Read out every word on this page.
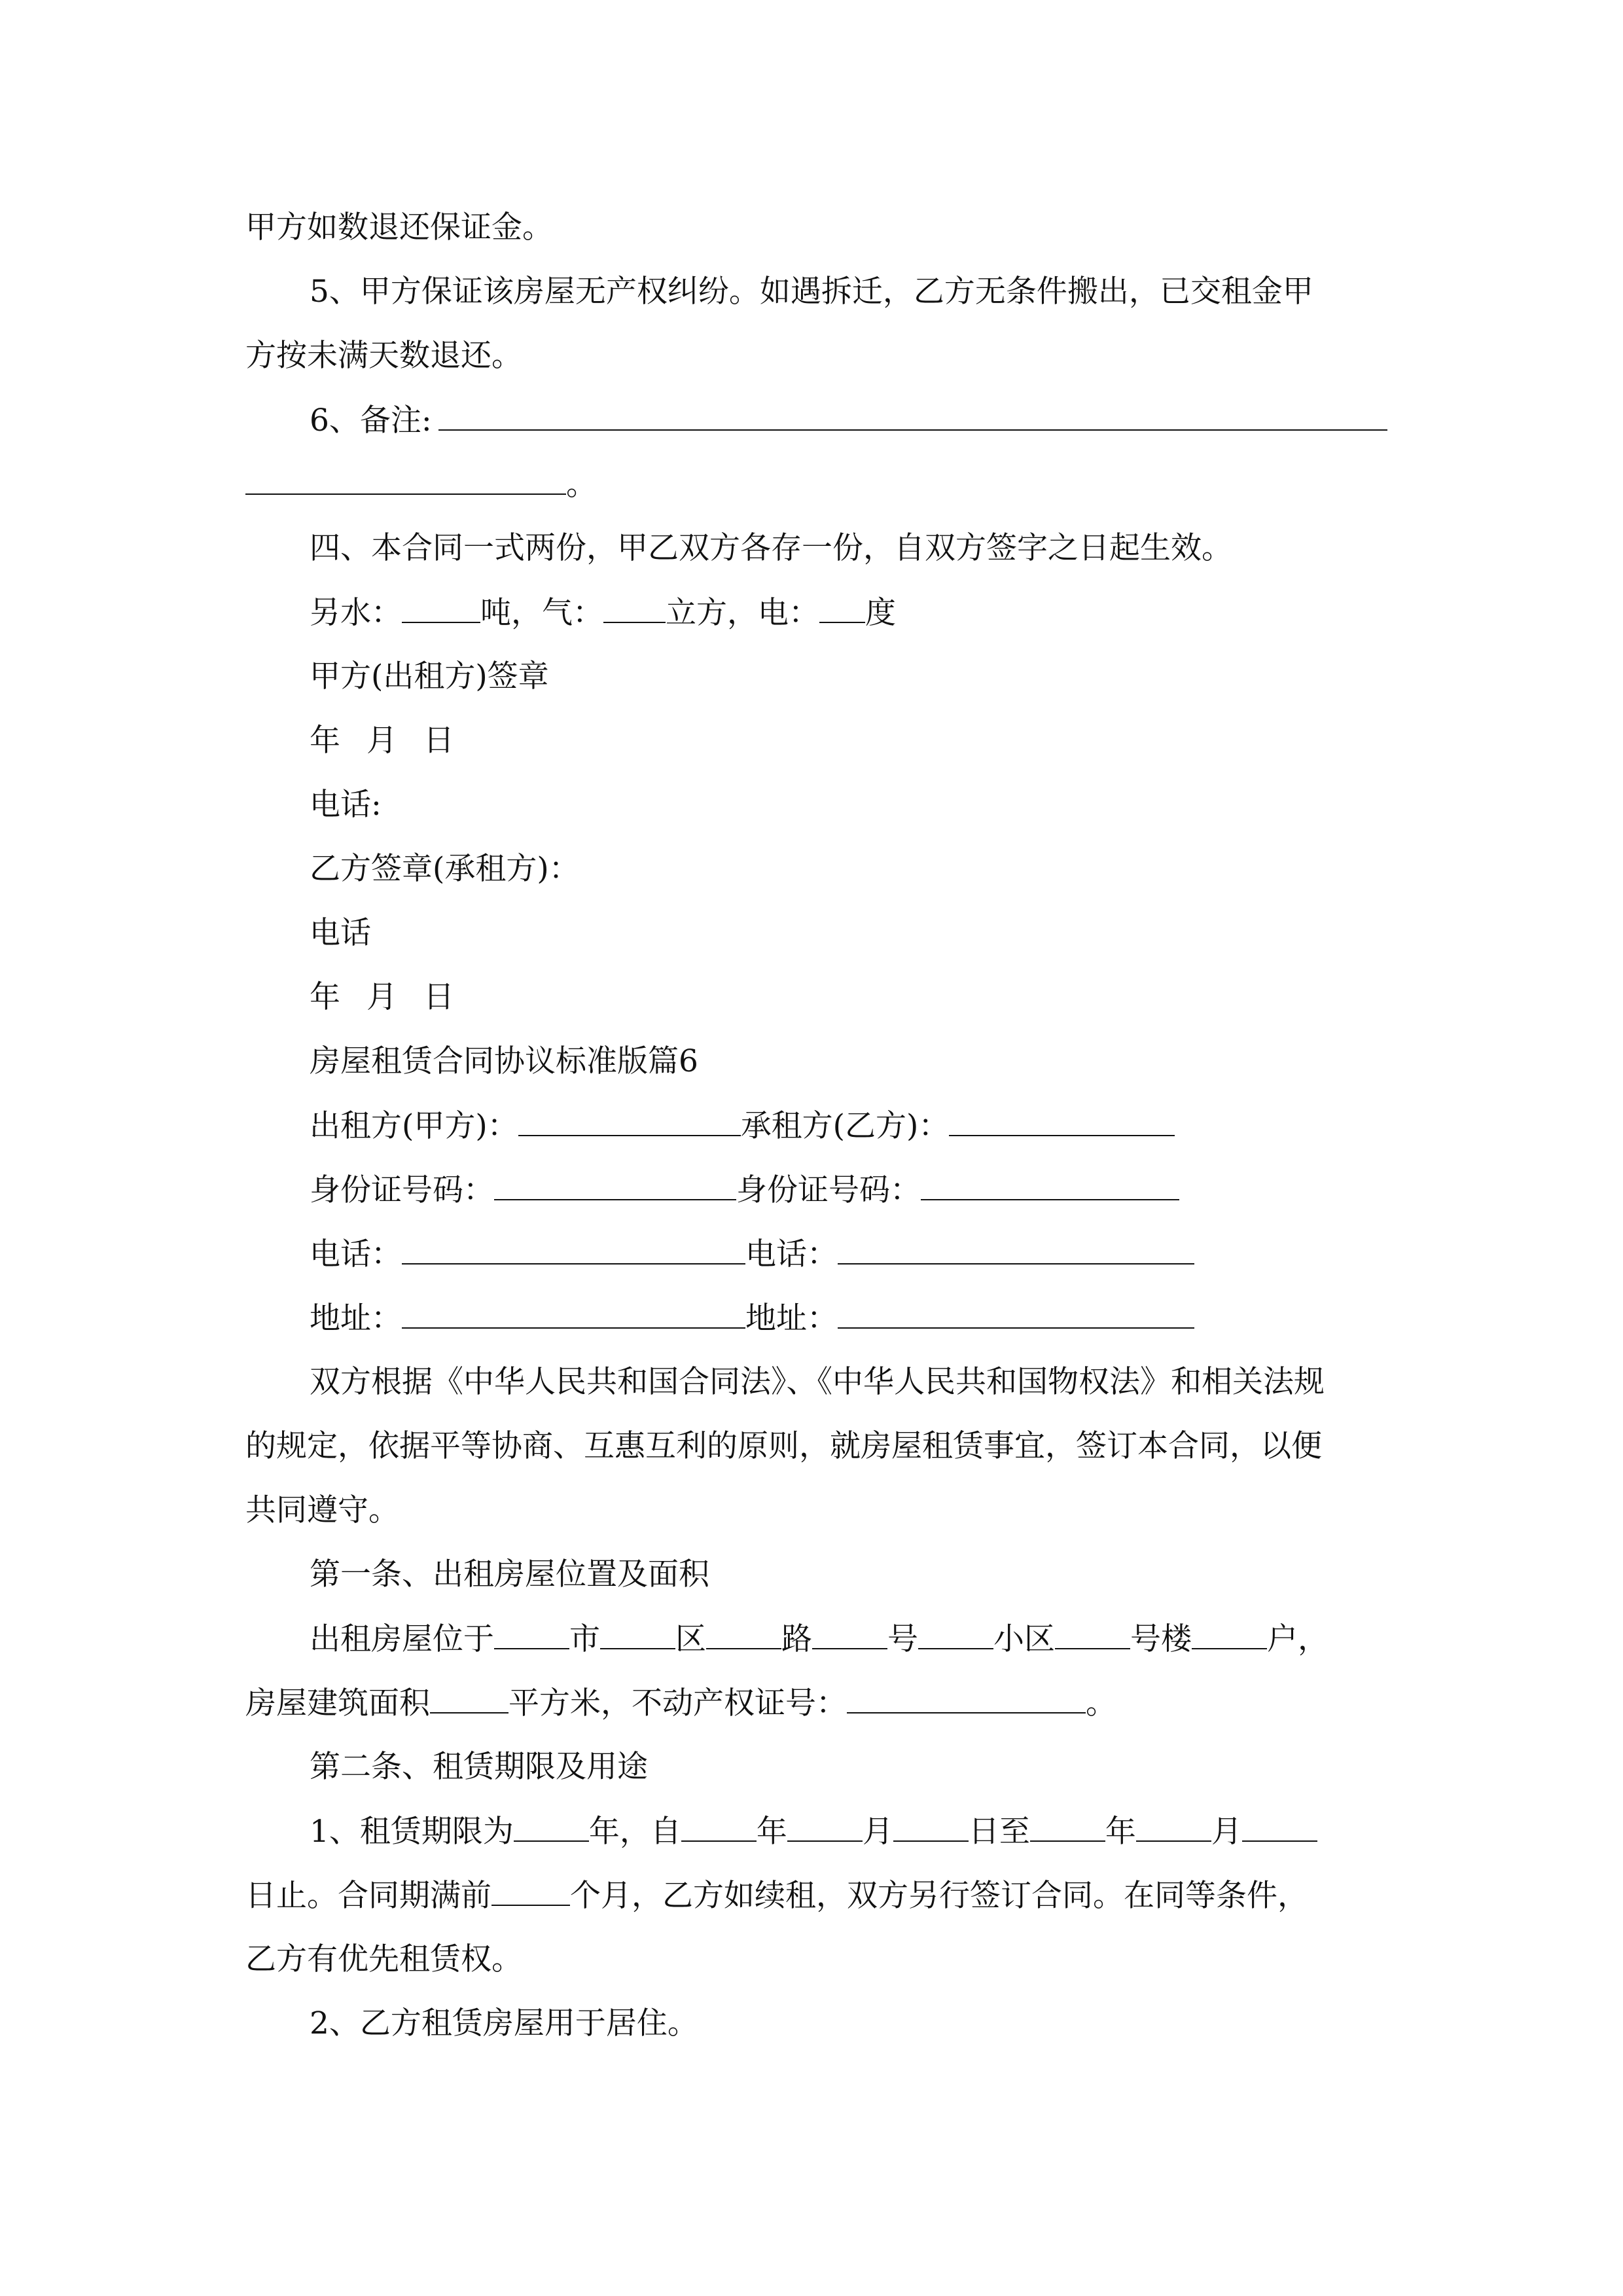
甲方如数退还保证金。

5、甲方保证该房屋无产权纠纷。如遇拆迁，乙方无条件搬出，已交租金甲

方按未满天数退还。

6、备注:

。

四、本合同一式两份，甲乙双方各存一份，自双方签字之日起生效。

另水：	吨，气： 立方，电： 度

甲方(出租方)签章

年 月 日

电话:

乙方签章(承租方)：

电话

年 月 日

房屋租赁合同协议标准版篇6

出租方(甲方)：	承租方(乙方)：

身份证号码：	身份证号码：

电话：	电话：

地址：	地址：

双方根据《中华人民共和国合同法》、《中华人民共和国物权法》和相关法规

的规定，依据平等协商、互惠互利的原则，就房屋租赁事宜，签订本合同，以便

共同遵守。

第一条、出租房屋位置及面积

出租房屋位于 市 区 路 号 小区 号楼 户，

房屋建筑面积	平方米，不动产权证号：	。

第二条、租赁期限及用途

1、租赁期限为 年，自 年 月 日至 年 月

日止。合同期满前	个月，乙方如续租，双方另行签订合同。在同等条件，

乙方有优先租赁权。

2、乙方租赁房屋用于居住。
